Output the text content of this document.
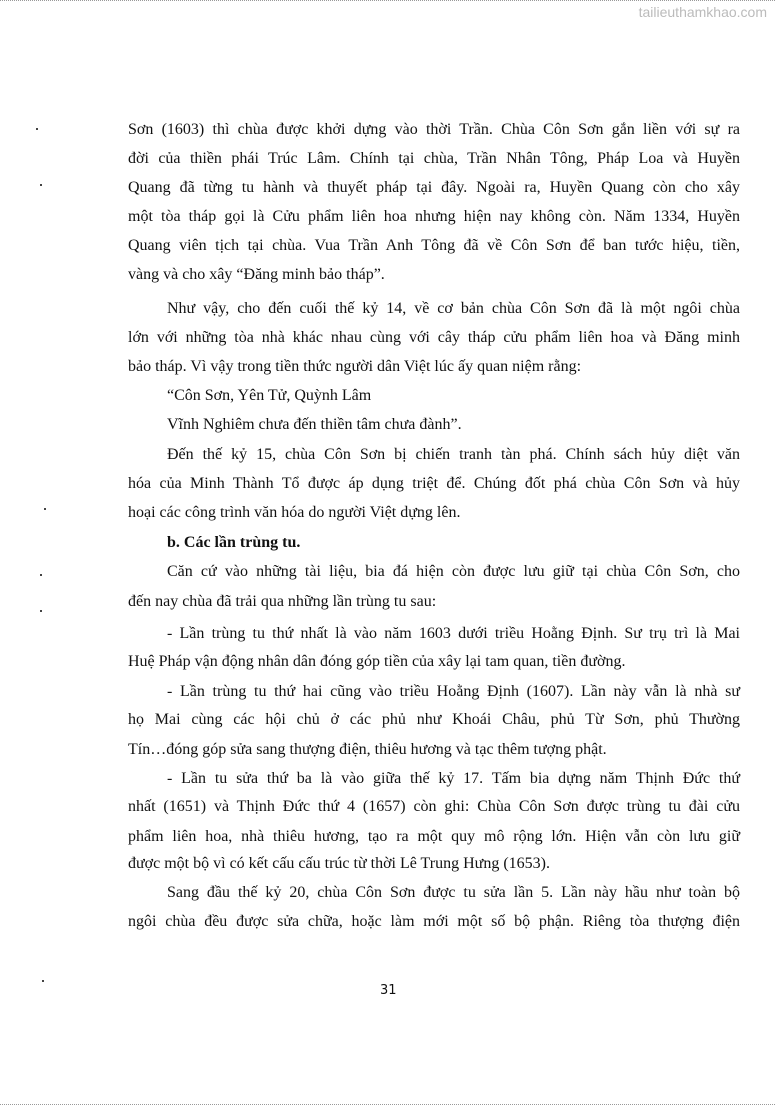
tailieuthamkhao.com
Sơn (1603) thì chùa được khởi dựng vào thời Trần. Chùa Côn Sơn gắn liền với sự ra
đời của thiền phái Trúc Lâm. Chính tại chùa, Trần Nhân Tông, Pháp Loa và Huyền
Quang đã từng tu hành và thuyết pháp tại đây. Ngoài ra, Huyền Quang còn cho xây
một tòa tháp gọi là Cửu phẩm liên hoa nhưng hiện nay không còn. Năm 1334, Huyền
Quang viên tịch tại chùa. Vua Trần Anh Tông đã về Côn Sơn để ban tước hiệu, tiền,
vàng và cho xây “Đăng minh bảo tháp”.
Như vậy, cho đến cuối thế kỷ 14, về cơ bản chùa Côn Sơn đã là một ngôi chùa
lớn với những tòa nhà khác nhau cùng với cây tháp cửu phẩm liên hoa và Đăng minh
bảo tháp. Vì vậy trong tiền thức người dân Việt lúc ấy quan niệm rằng:
“Côn Sơn, Yên Tử, Quỳnh Lâm
Vĩnh Nghiêm chưa đến thiền tâm chưa đành”.
Đến thế kỷ 15, chùa Côn Sơn bị chiến tranh tàn phá. Chính sách hủy diệt văn
hóa của Minh Thành Tổ được áp dụng triệt để. Chúng đốt phá chùa Côn Sơn và hủy
hoại các công trình văn hóa do người Việt dựng lên.
b. Các lần trùng tu.
Căn cứ vào những tài liệu, bia đá hiện còn được lưu giữ tại chùa Côn Sơn, cho
đến nay chùa đã trải qua những lần trùng tu sau:
- Lần trùng tu thứ nhất là vào năm 1603 dưới triều Hoằng Định. Sư trụ trì là Mai
Huệ Pháp vận động nhân dân đóng góp tiền của xây lại tam quan, tiền đường.
- Lần trùng tu thứ hai cũng vào triều Hoằng Định (1607). Lần này vẫn là nhà sư
họ Mai cùng các hội chủ ở các phủ như Khoái Châu, phủ Từ Sơn, phủ Thường
Tín…đóng góp sửa sang thượng điện, thiêu hương và tạc thêm tượng phật.
- Lần tu sửa thứ ba là vào giữa thế kỷ 17. Tấm bia dựng năm Thịnh Đức thứ
nhất (1651) và Thịnh Đức thứ 4 (1657) còn ghi: Chùa Côn Sơn được trùng tu đài cửu
phẩm liên hoa, nhà thiêu hương, tạo ra một quy mô rộng lớn. Hiện vẫn còn lưu giữ
được một bộ vì có kết cấu cấu trúc từ thời Lê Trung Hưng (1653).
Sang đầu thế kỷ 20, chùa Côn Sơn được tu sửa lần 5. Lần này hầu như toàn bộ
ngôi chùa đều được sửa chữa, hoặc làm mới một số bộ phận. Riêng tòa thượng điện
31
